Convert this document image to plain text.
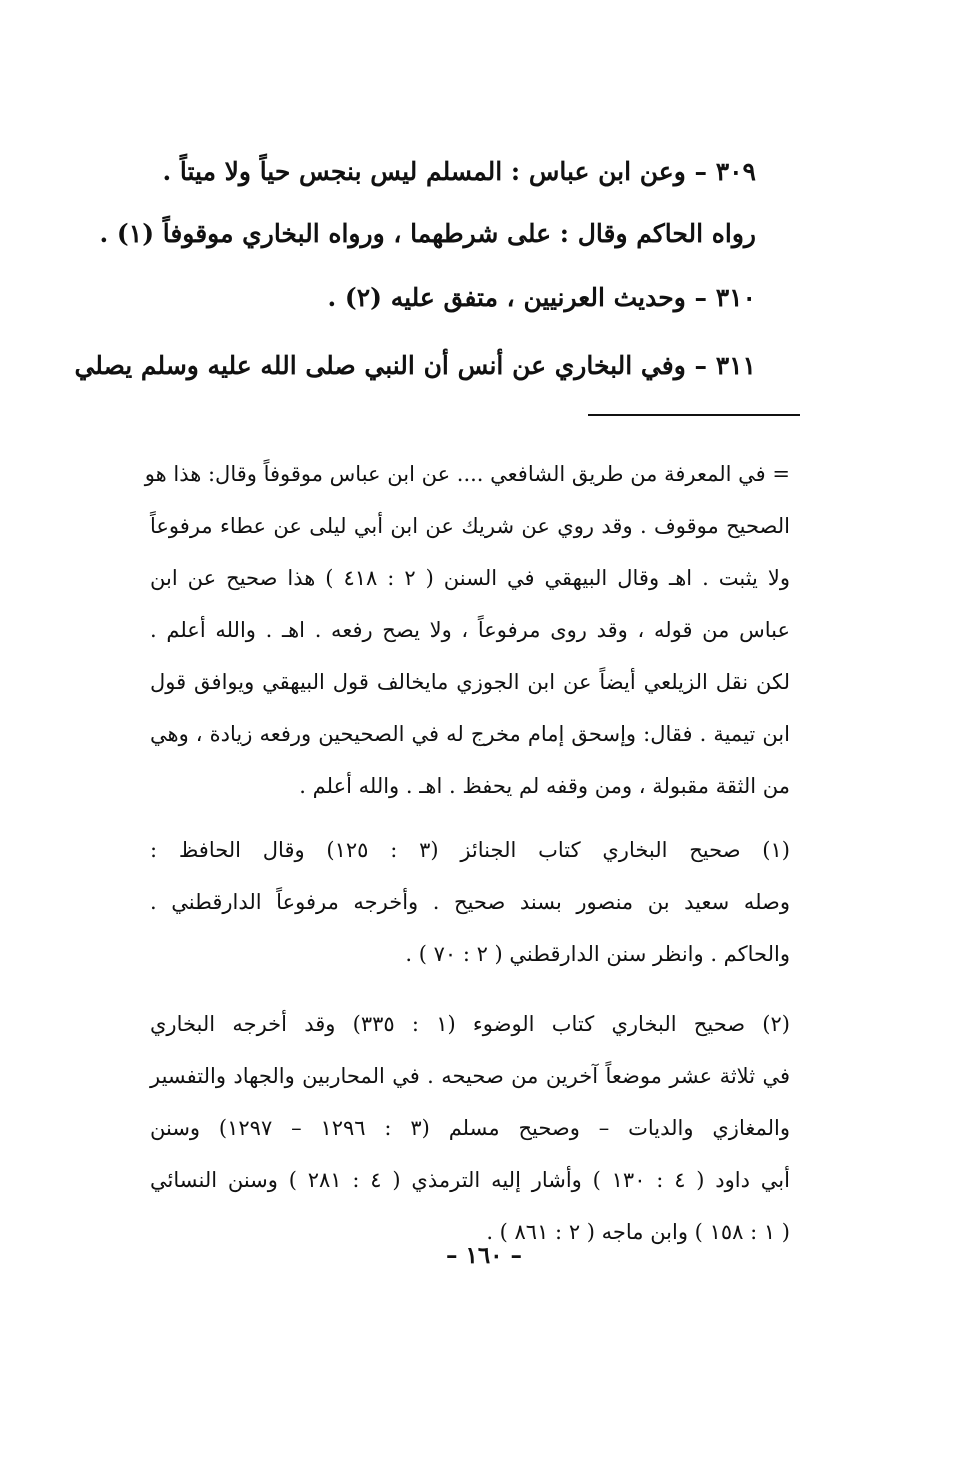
٣٠٩ – وعن ابن عباس : المسلم ليس بنجس حياً ولا ميتاً .
رواه الحاكم وقال : على شرطهما ، ورواه البخاري موقوفاً (١) .
٣١٠ – وحديث العرنيين ، متفق عليه (٢) .
٣١١ – وفي البخاري عن أنس أن النبي صلى الله عليه وسلم يصلي
= في المعرفة من طريق الشافعي .... عن ابن عباس موقوفاً وقال: هذا هو
الصحيح موقوف . وقد روي عن شريك عن ابن أبي ليلى عن عطاء مرفوعاً
ولا يثبت . اهـ وقال البيهقي في السنن ( ٢ : ٤١٨ ) هذا صحيح عن ابن
عباس من قوله ، وقد روى مرفوعاً ، ولا يصح رفعه . اهـ . والله أعلم .
لكن نقل الزيلعي أيضاً عن ابن الجوزي مايخالف قول البيهقي ويوافق قول
ابن تيمية . فقال: وإسحق إمام مخرج له في الصحيحين ورفعه زيادة ، وهي
من الثقة مقبولة ، ومن وقفه لم يحفظ . اهـ . والله أعلم .
(١) صحيح البخاري كتاب الجنائز (٣ : ١٢٥) وقال الحافظ :
وصله سعيد بن منصور بسند صحيح . وأخرجه مرفوعاً الدارقطني .
والحاكم . وانظر سنن الدارقطني ( ٢ : ٧٠ ) .
(٢) صحيح البخاري كتاب الوضوء (١ : ٣٣٥) وقد أخرجه البخاري
في ثلاثة عشر موضعاً آخرين من صحيحه . في المحاربين والجهاد والتفسير
والمغازي والديات – وصحيح مسلم (٣ : ١٢٩٦ – ١٢٩٧) وسنن
أبي داود ( ٤ : ١٣٠ ) وأشار إليه الترمذي ( ٤ : ٢٨١ ) وسنن النسائي
( ١ : ١٥٨ ) وابن ماجه ( ٢ : ٨٦١ ) .
– ١٦٠ –
